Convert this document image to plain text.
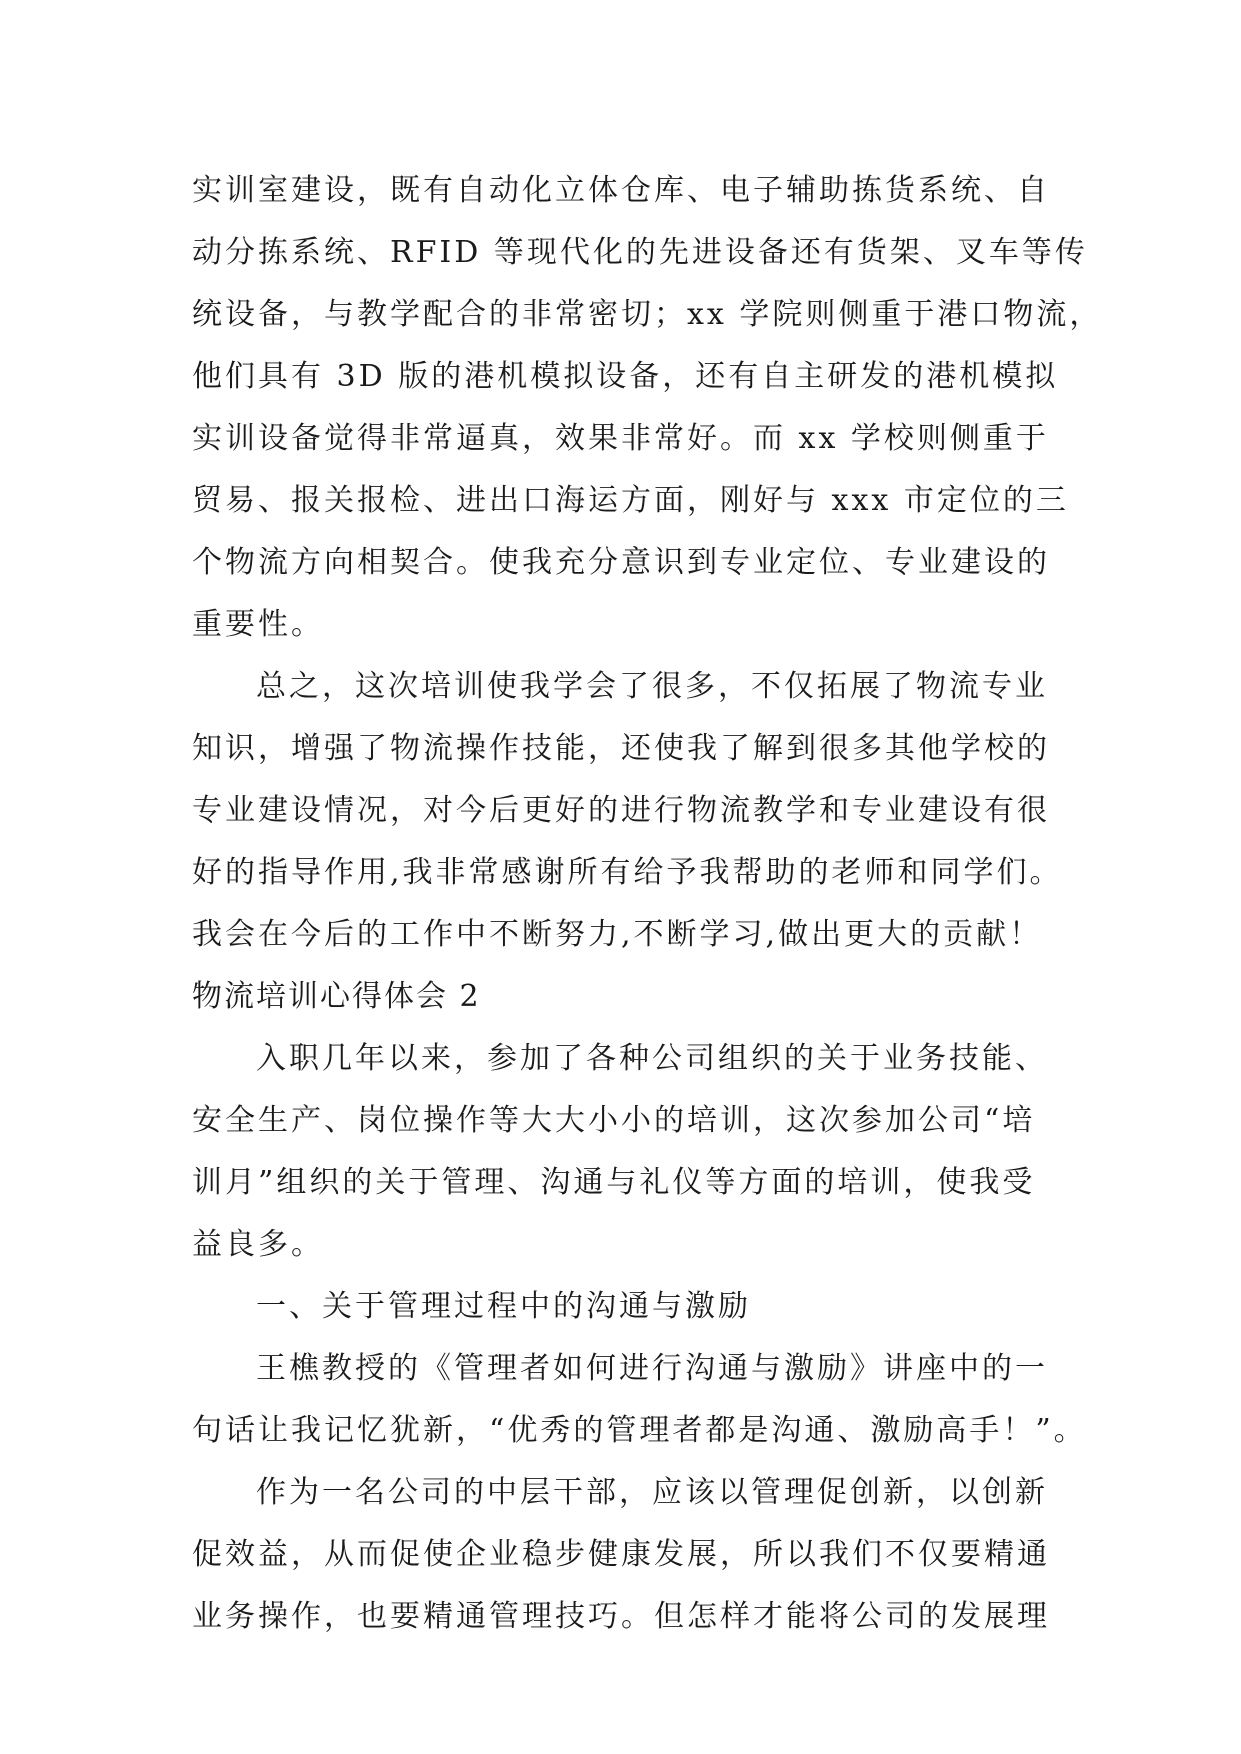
实训室建设，既有自动化立体仓库、电子辅助拣货系统、自
动分拣系统、RFID 等现代化的先进设备还有货架、叉车等传
统设备，与教学配合的非常密切；xx 学院则侧重于港口物流，
他们具有 3D 版的港机模拟设备，还有自主研发的港机模拟
实训设备觉得非常逼真，效果非常好。而 xx 学校则侧重于
贸易、报关报检、进出口海运方面，刚好与 xxx 市定位的三
个物流方向相契合。使我充分意识到专业定位、专业建设的
重要性。
总之，这次培训使我学会了很多，不仅拓展了物流专业
知识，增强了物流操作技能，还使我了解到很多其他学校的
专业建设情况，对今后更好的进行物流教学和专业建设有很
好的指导作用,我非常感谢所有给予我帮助的老师和同学们。
我会在今后的工作中不断努力,不断学习,做出更大的贡献！
物流培训心得体会 2
入职几年以来，参加了各种公司组织的关于业务技能、
安全生产、岗位操作等大大小小的培训，这次参加公司“培
训月”组织的关于管理、沟通与礼仪等方面的培训，使我受
益良多。
一、关于管理过程中的沟通与激励
王樵教授的《管理者如何进行沟通与激励》讲座中的一
句话让我记忆犹新，“优秀的管理者都是沟通、激励高手！”。
作为一名公司的中层干部，应该以管理促创新，以创新
促效益，从而促使企业稳步健康发展，所以我们不仅要精通
业务操作，也要精通管理技巧。但怎样才能将公司的发展理
